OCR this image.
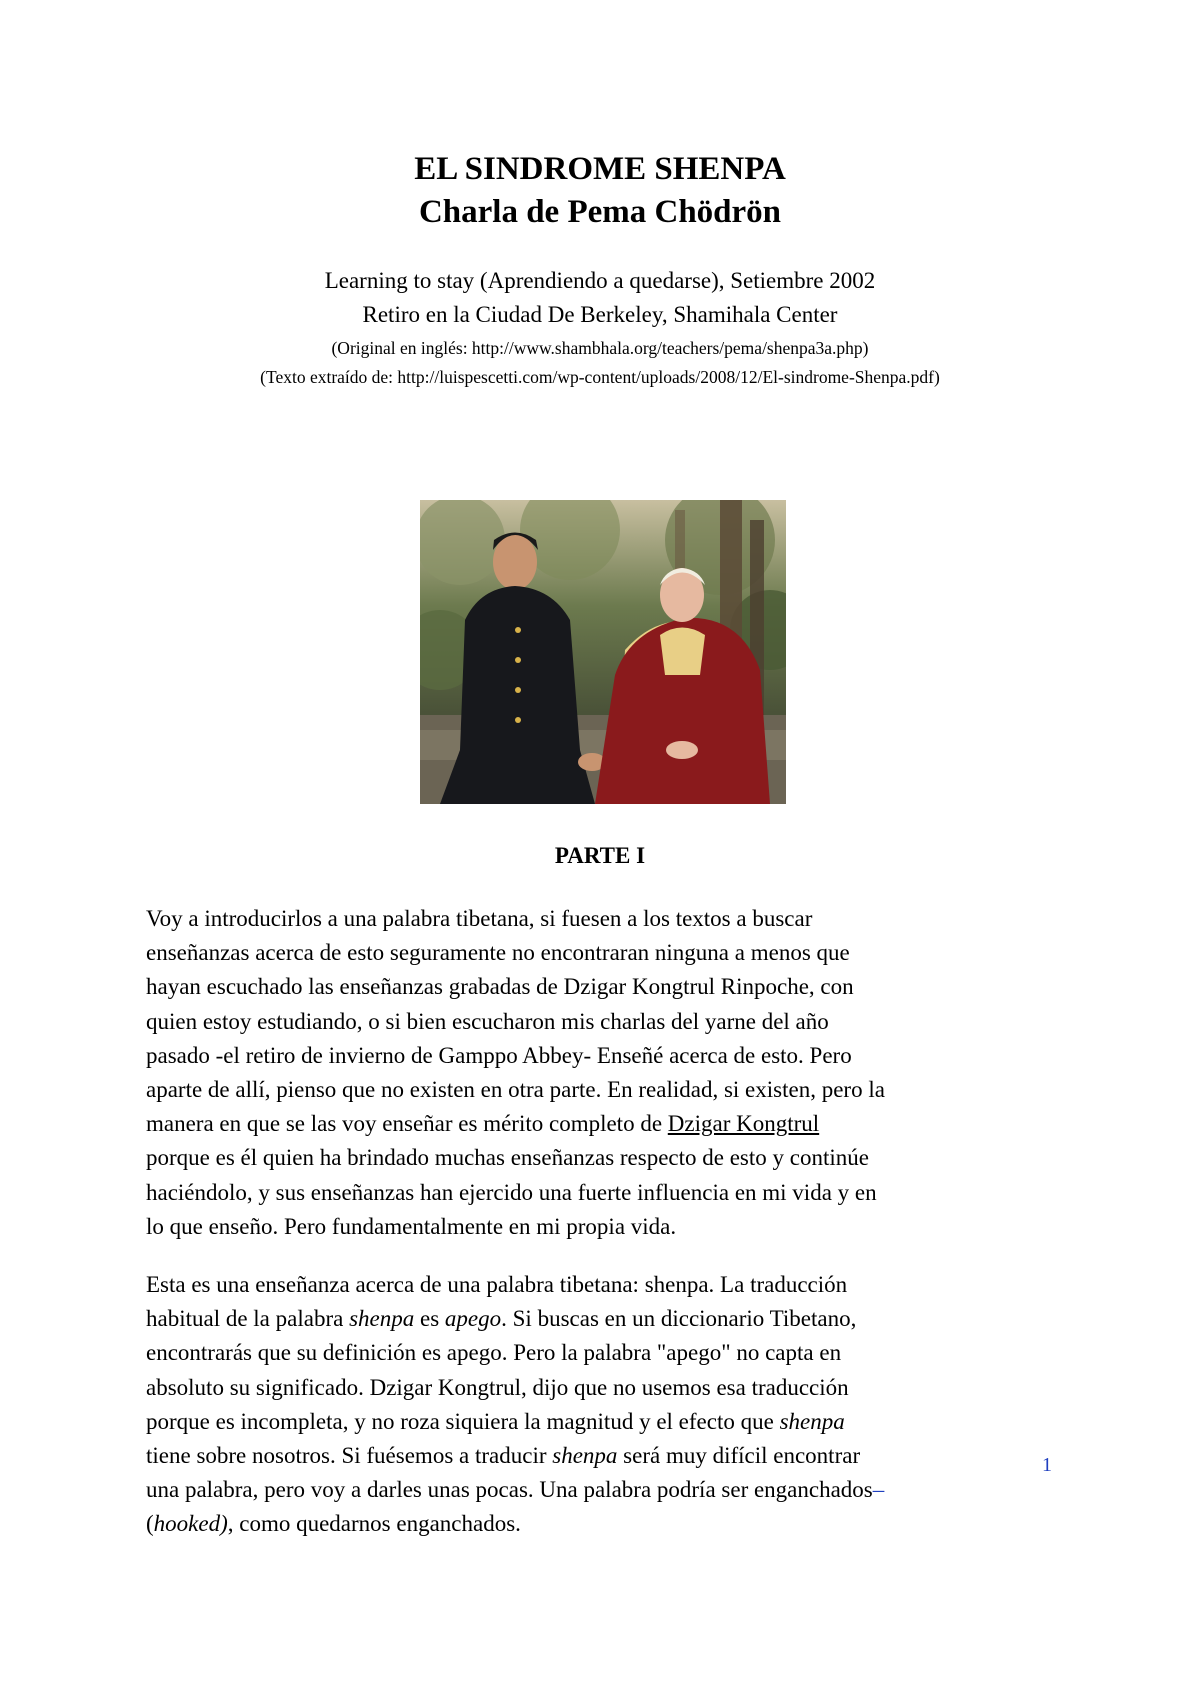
EL SINDROME SHENPA
Charla de Pema Chödrön
Learning to stay (Aprendiendo a quedarse), Setiembre 2002
Retiro en la Ciudad De Berkeley, Shamihala Center
(Original en inglés: http://www.shambhala.org/teachers/pema/shenpa3a.php)
(Texto extraído de: http://luispescetti.com/wp-content/uploads/2008/12/El-sindrome-Shenpa.pdf)
PARTE I
Voy a introducirlos a una palabra tibetana, si fuesen a los textos a buscar
enseñanzas acerca de esto seguramente no encontraran ninguna a menos que
hayan escuchado las enseñanzas grabadas de Dzigar Kongtrul Rinpoche, con
quien estoy estudiando, o si bien escucharon mis charlas del yarne del año
pasado -el retiro de invierno de Gamppo Abbey- Enseñé acerca de esto. Pero
aparte de allí, pienso que no existen en otra parte. En realidad, si existen, pero la
manera en que se las voy enseñar es mérito completo de Dzigar Kongtrul
porque es él quien ha brindado muchas enseñanzas respecto de esto y continúe
haciéndolo, y sus enseñanzas han ejercido una fuerte influencia en mi vida y en
lo que enseño. Pero fundamentalmente en mi propia vida.
Esta es una enseñanza acerca de una palabra tibetana: shenpa. La traducción
habitual de la palabra shenpa es apego. Si buscas en un diccionario Tibetano,
encontrarás que su definición es apego. Pero la palabra "apego" no capta en
absoluto su significado. Dzigar Kongtrul, dijo que no usemos esa traducción
porque es incompleta, y no roza siquiera la magnitud y el efecto que shenpa
tiene sobre nosotros. Si fuésemos a traducir shenpa será muy difícil encontrar
una palabra, pero voy a darles unas pocas. Una palabra podría ser enganchados–
(hooked), como quedarnos enganchados.
1
